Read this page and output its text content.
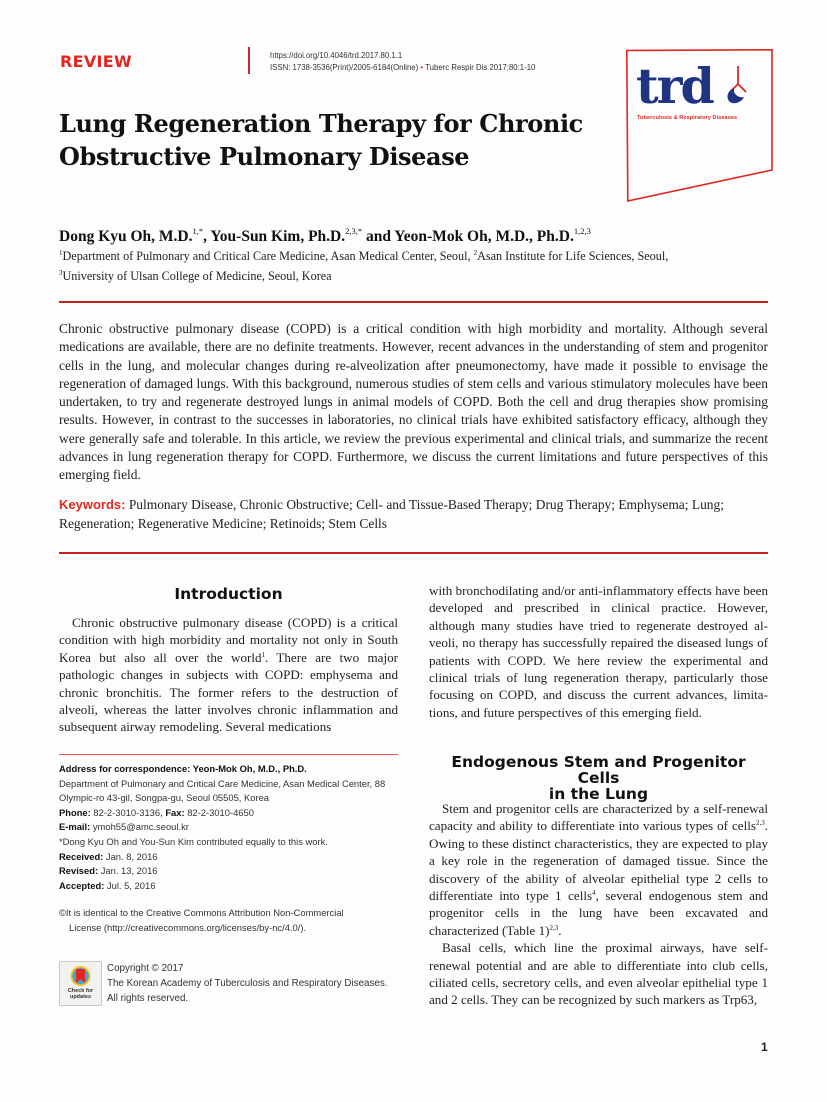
REVIEW	https://doi.org/10.4046/trd.2017.80.1.1
ISSN: 1738-3536(Print)/2005-6184(Online) • Tuberc Respir Dis 2017;80:1-10 trd
Tuberculosis & Respiratory Diseases
Lung Regeneration Therapy for Chronic
Obstructive Pulmonary Disease
Dong Kyu Oh, M.D.$^{1,*}$, You-Sun Kim, Ph.D.$^{2,3,*}$ and Yeon-Mok Oh, M.D., Ph.D.$^{1,2,3}$
$^1$Department of Pulmonary and Critical Care Medicine, Asan Medical Center, Seoul, $^2$Asan Institute for Life Sciences, Seoul,
$^3$University of Ulsan College of Medicine, Seoul, Korea
Chronic obstructive pulmonary disease (COPD) is a critical condition with high morbidity and mortality. Although several medications are available, there are no definite treatments. However, recent advances in the understanding of stem and progenitor cells in the lung, and molecular changes during re-alveolization after pneumonectomy, have made it possible to envisage the regeneration of damaged lungs. With this background, numerous studies of stem cells and various stimulatory molecules have been undertaken, to try and regenerate destroyed lungs in animal models of COPD. Both the cell and drug therapies show promising results. However, in contrast to the successes in laboratories, no clinical trials have exhibited satisfactory efficacy, although they were generally safe and tolerable. In this article, we review the previous experimental and clinical trials, and summarize the recent advances in lung regeneration therapy for COPD. Furthermore, we discuss the current limitations and future perspectives of this emerging field.
Keywords: Pulmonary Disease, Chronic Obstructive; Cell- and Tissue-Based Therapy; Drug Therapy; Emphysema; Lung; Regeneration; Regenerative Medicine; Retinoids; Stem Cells
Introduction

Chronic obstructive pulmonary disease (COPD) is a critical condition with high morbidity and mortality not only in South Korea but also all over the world$^1$. There are two major pathologic changes in subjects with COPD: emphysema and chronic bronchitis. The former refers to the destruction of alveoli, whereas the latter involves chronic inflammation and subsequent airway remodeling. Several medications

with bronchodilating and/or anti-inflammatory effects have been developed and prescribed in clinical practice. However, although many studies have tried to regenerate destroyed alveoli, no therapy has successfully repaired the diseased lungs of patients with COPD. We here review the experimental and clinical trials of lung regeneration therapy, particularly those focusing on COPD, and discuss the current advances, limitations, and future perspectives of this emerging field.
Endogenous Stem and Progenitor Cells
in the Lung

Stem and progenitor cells are characterized by a self-renewal capacity and ability to differentiate into various types of cells$^{2,3}$. Owing to these distinct characteristics, they are expected to play a key role in the regeneration of damaged tissue. Since the discovery of the ability of alveolar epithelial type 2 cells to differentiate into type 1 cells$^4$, several endogenous stem and progenitor cells in the lung have been excavated and characterized (Table 1)$^{2,3}$.

Basal cells, which line the proximal airways, have self-renewal potential and are able to differentiate into club cells, ciliated cells, secretory cells, and even alveolar epithelial type 1 and 2 cells. They can be recognized by such markers as Trp63,

Address for correspondence: Yeon-Mok Oh, M.D., Ph.D.
Department of Pulmonary and Critical Care Medicine, Asan Medical Center, 88 Olympic-ro 43-gil, Songpa-gu, Seoul 05505, Korea
Phone: 82-2-3010-3136, Fax: 82-2-3010-4650
E-mail: ymoh55@amc.seoul.kr
*Dong Kyu Oh and You-Sun Kim contributed equally to this work.
Received: Jan. 8, 2016
Revised: Jan. 13, 2016
Accepted: Jul. 5, 2016
©It is identical to the Creative Commons Attribution Non-Commercial
License (http://creativecommons.org/licenses/by-nc/4.0/).
Check for
updates
Copyright © 2017
The Korean Academy of Tuberculosis and Respiratory Diseases.
All rights reserved.
1
